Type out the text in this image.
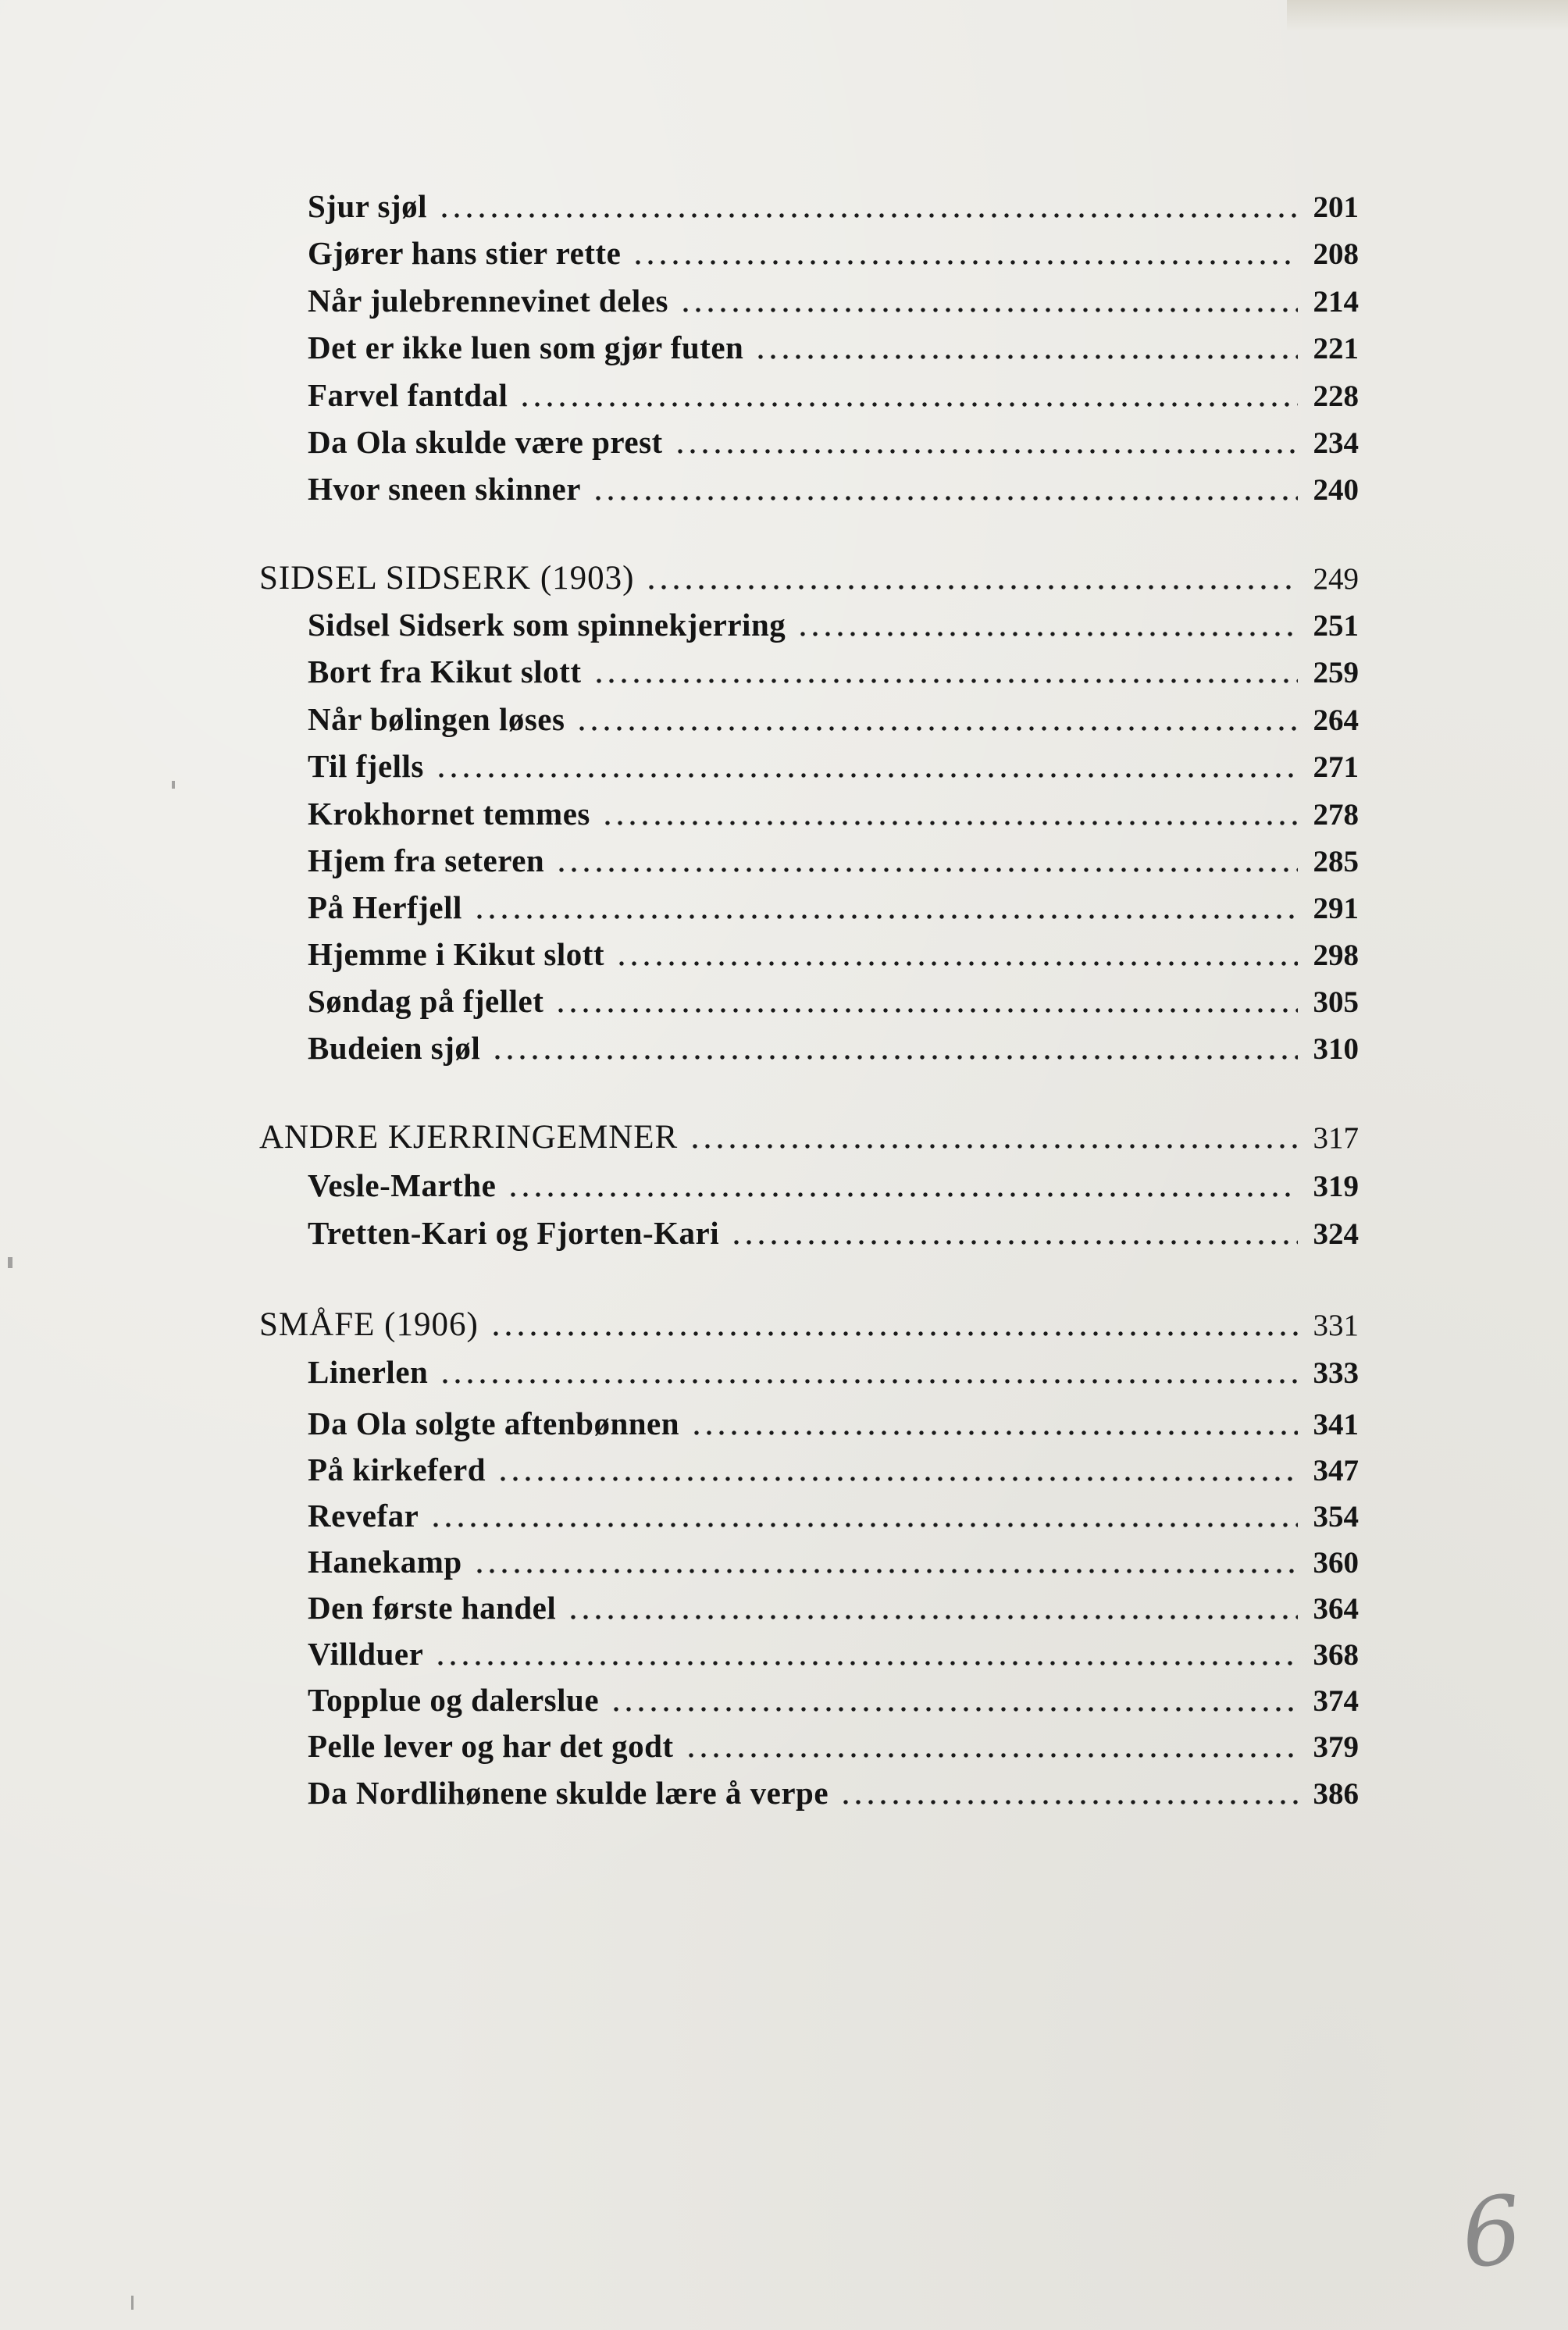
Sjur sjøl	201
Gjører hans stier rette	208
Når julebrennevinet deles	214
Det er ikke luen som gjør futen	221
Farvel fantdal	228
Da Ola skulde være prest	234
Hvor sneen skinner	240
SIDSEL SIDSERK (1903)	249
Sidsel Sidserk som spinnekjerring	251
Bort fra Kikut slott	259
Når bølingen løses	264
Til fjells	271
Krokhornet temmes	278
Hjem fra seteren	285
På Herfjell	291
Hjemme i Kikut slott	298
Søndag på fjellet	305
Budeien sjøl	310
ANDRE KJERRINGEMNER	317
Vesle-Marthe	319
Tretten-Kari og Fjorten-Kari	324
SMÅFE (1906)	331
Linerlen	333
Da Ola solgte aftenbønnen	341
På kirkeferd	347
Revefar	354
Hanekamp	360
Den første handel	364
Villduer	368
Topplue og dalerslue	374
Pelle lever og har det godt	379
Da Nordlihønene skulde lære å verpe	386
6
